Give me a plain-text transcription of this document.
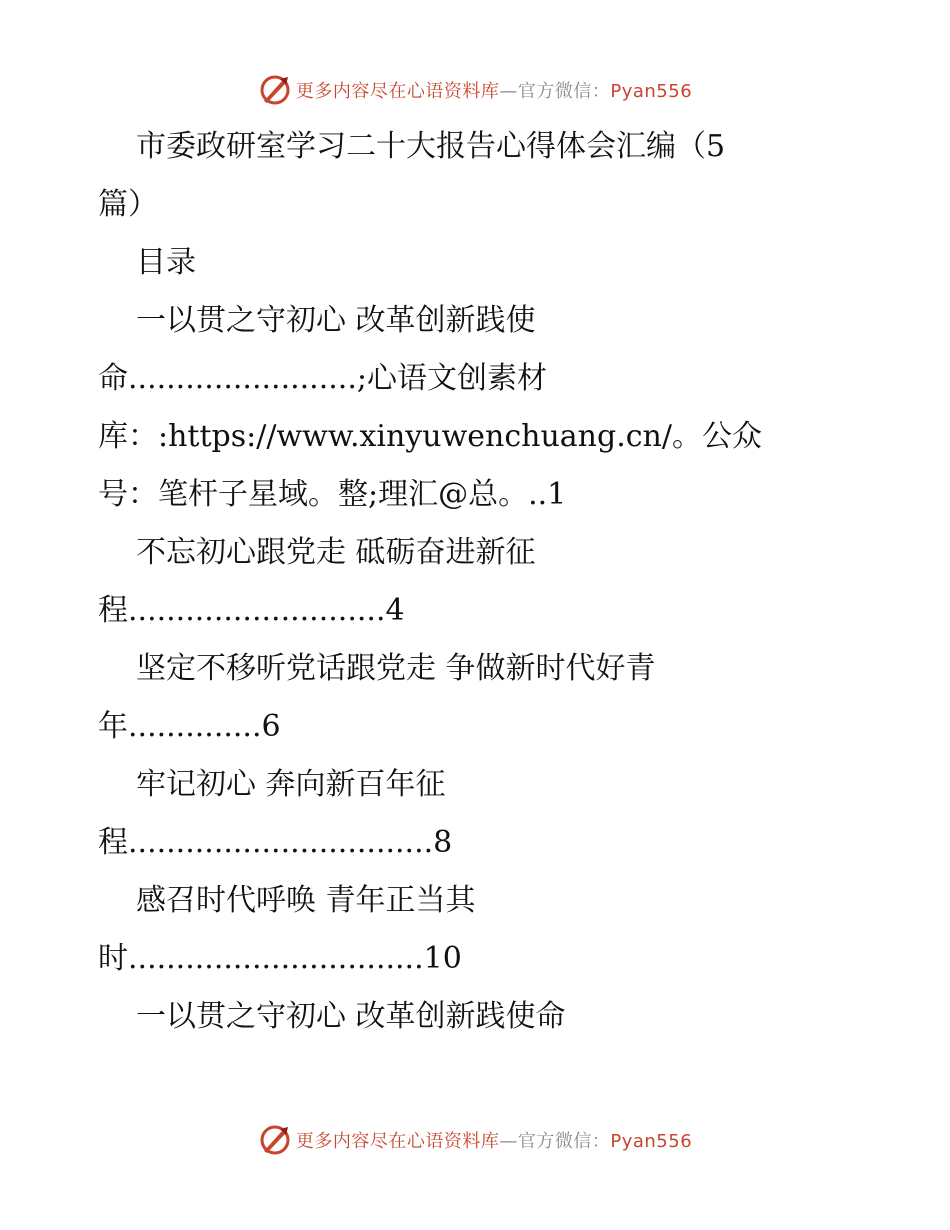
更多内容尽在心语资料库—官方微信：Pyan556
市委政研室学习二十大报告心得体会汇编（5
篇）
目录
一以贯之守初心 改革创新践使
命........................;心语文创素材
库：:https://www.xinyuwenchuang.cn/。公众
号：笔杆子星域。整;理汇@总。..1
不忘初心跟党走 砥砺奋进新征
程...........................4
坚定不移听党话跟党走 争做新时代好青
年..............6
牢记初心 奔向新百年征
程................................8
感召时代呼唤 青年正当其
时...............................10
一以贯之守初心 改革创新践使命
更多内容尽在心语资料库—官方微信：Pyan556
